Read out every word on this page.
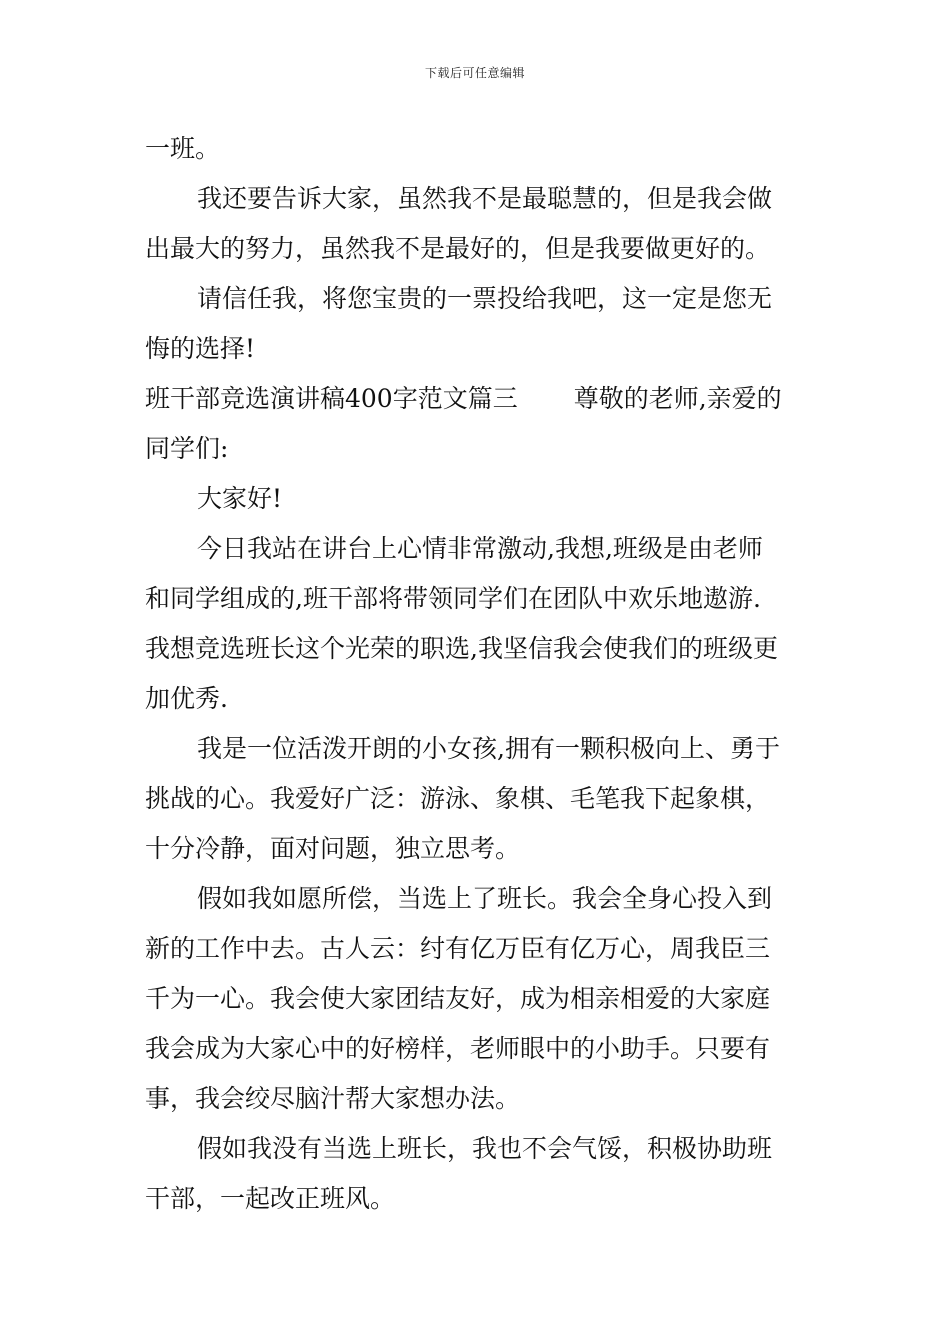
下载后可任意编辑
一班。
我还要告诉大家，虽然我不是最聪慧的，但是我会做
出最大的努力，虽然我不是最好的，但是我要做更好的。
请信任我，将您宝贵的一票投给我吧，这一定是您无
悔的选择!
班干部竞选演讲稿400字范文篇三 尊敬的老师,亲爱的
同学们:
大家好!
今日我站在讲台上心情非常激动,我想,班级是由老师
和同学组成的,班干部将带领同学们在团队中欢乐地遨游.
我想竞选班长这个光荣的职选,我坚信我会使我们的班级更
加优秀.
我是一位活泼开朗的小女孩,拥有一颗积极向上、勇于
挑战的心。我爱好广泛：游泳、象棋、毛笔我下起象棋，
十分冷静，面对问题，独立思考。
假如我如愿所偿，当选上了班长。我会全身心投入到
新的工作中去。古人云：纣有亿万臣有亿万心，周我臣三
千为一心。我会使大家团结友好，成为相亲相爱的大家庭
我会成为大家心中的好榜样，老师眼中的小助手。只要有
事，我会绞尽脑汁帮大家想办法。
假如我没有当选上班长，我也不会气馁，积极协助班
干部，一起改正班风。
